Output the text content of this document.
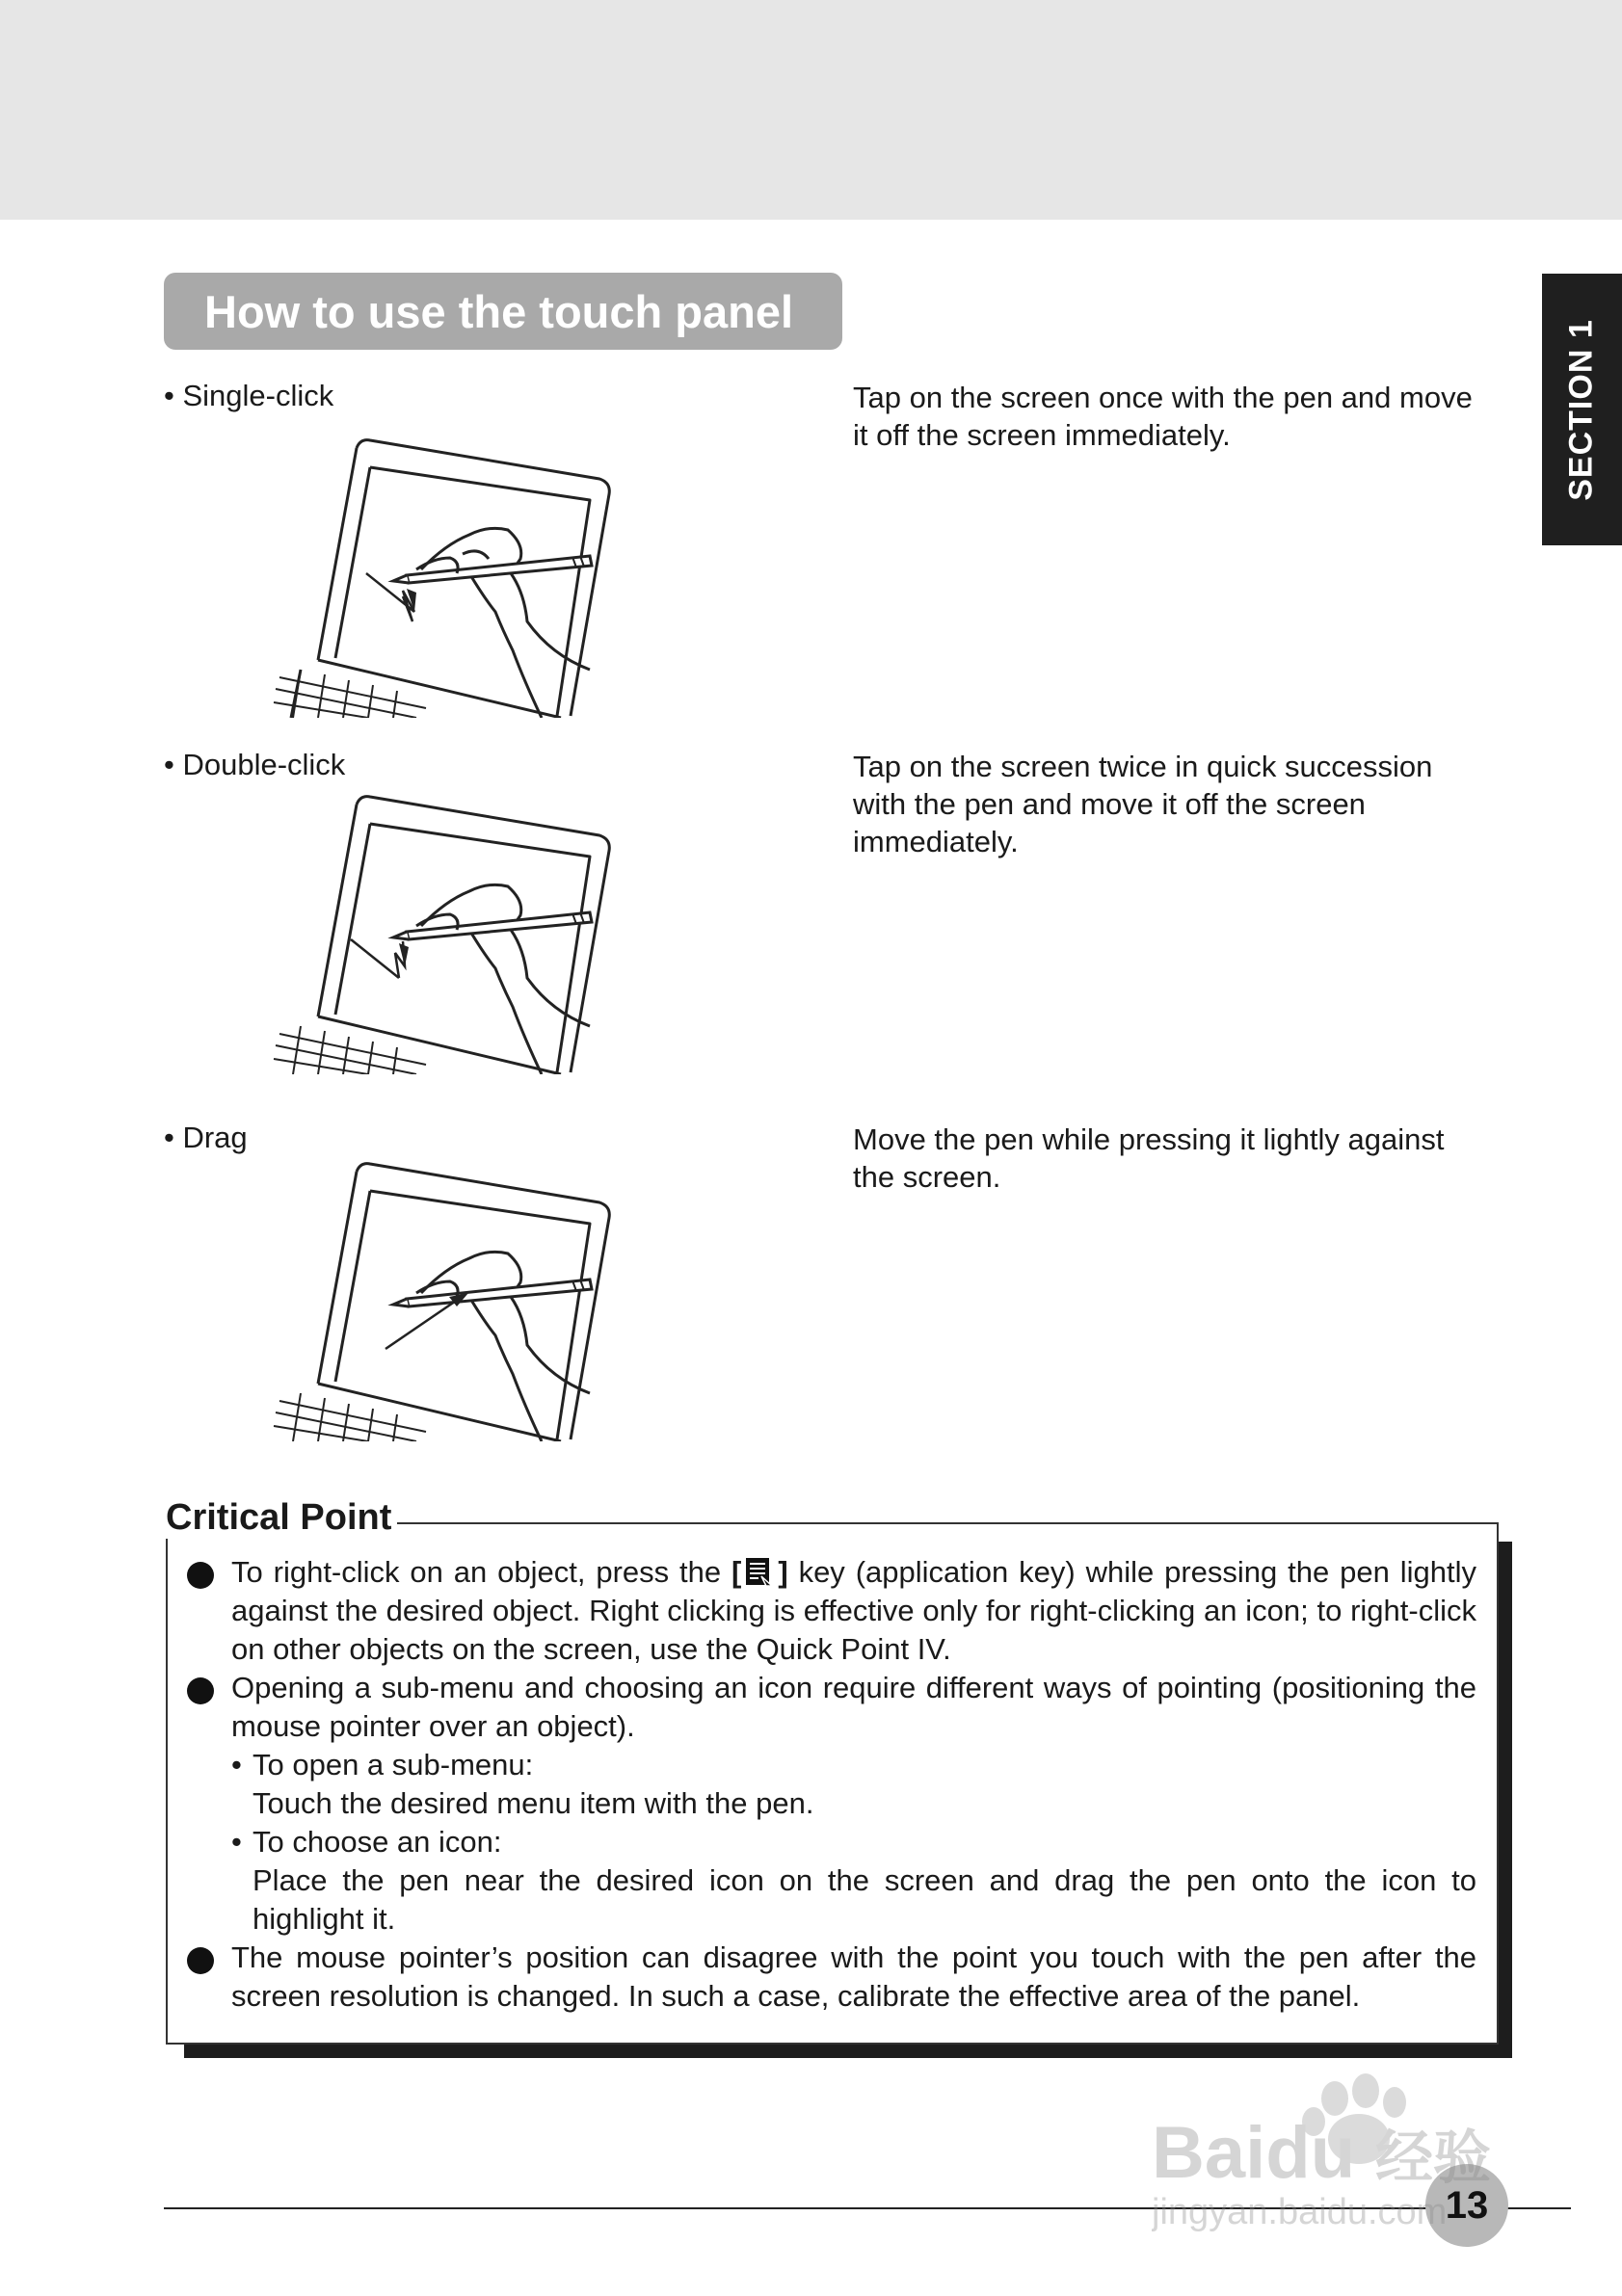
SECTION 1
How to use the touch panel
• Single-click	Tap on the screen once with the pen and move
it off the screen immediately.
• Double-click	Tap on the screen twice in quick succession
with the pen and move it off the screen
immediately.
• Drag	Move the pen while pressing it lightly against
the screen.
Critical Point
To right-click on an object, press the [ ] key (application key) while pressing the pen lightly against the desired object. Right clicking is effective only for right-clicking an icon; to right-click on other objects on the screen, use the Quick Point IV.
Opening a sub-menu and choosing an icon require different ways of pointing (positioning the mouse pointer over an object).
• To open a sub-menu:
Touch the desired menu item with the pen.
• To choose an icon:
Place the pen near the desired icon on the screen and drag the pen onto the icon to highlight it.
The mouse pointer’s position can disagree with the point you touch with the pen after the screen resolution is changed. In such a case, calibrate the effective area of the panel.
13
Baidu 经验
jingyan.baidu.com
